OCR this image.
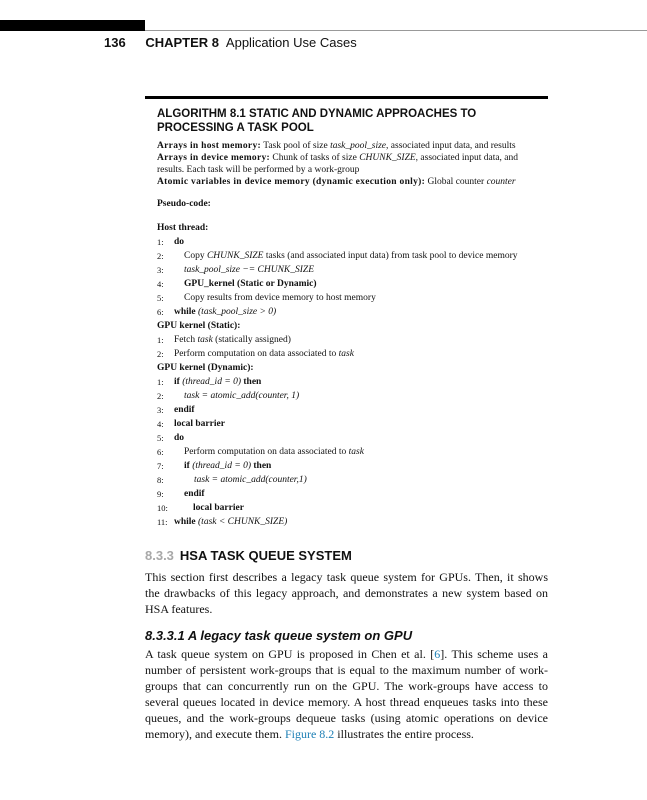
136 CHAPTER 8 Application Use Cases
ALGORITHM 8.1 STATIC AND DYNAMIC APPROACHES TO PROCESSING A TASK POOL

Arrays in host memory: Task pool of size task_pool_size, associated input data, and results

Arrays in device memory: Chunk of tasks of size CHUNK_SIZE, associated input data, and results. Each task will be performed by a work-group

Atomic variables in device memory (dynamic execution only): Global counter counter

Pseudo-code:

Host thread:

1:	do
2:	Copy CHUNK_SIZE tasks (and associated input data) from task pool to device memory
3:	task_pool_size −= CHUNK_SIZE
4:	GPU_kernel (Static or Dynamic)
5:	Copy results from device memory to host memory
6:	while (task_pool_size > 0)

GPU kernel (Static):

1:	Fetch task (statically assigned)
2:	Perform computation on data associated to task

GPU kernel (Dynamic):

1:	if (thread_id = 0) then
2:	task = atomic_add(counter, 1)
3:	endif
4:	local barrier
5:	do
6:	Perform computation on data associated to task
7:	if (thread_id = 0) then
8:	task = atomic_add(counter,1)
9:	endif
10:	local barrier
11: while (task < CHUNK_SIZE)
8.3.3 HSA TASK QUEUE SYSTEM

This section first describes a legacy task queue system for GPUs. Then, it shows the drawbacks of this legacy approach, and demonstrates a new system based on HSA features.

8.3.3.1 A legacy task queue system on GPU

A task queue system on GPU is proposed in Chen et al. [6]. This scheme uses a number of persistent work-groups that is equal to the maximum number of work-groups that can concurrently run on the GPU. The work-groups have access to several queues located in device memory. A host thread enqueues tasks into these queues, and the work-groups dequeue tasks (using atomic operations on device memory), and execute them. Figure 8.2 illustrates the entire process.
